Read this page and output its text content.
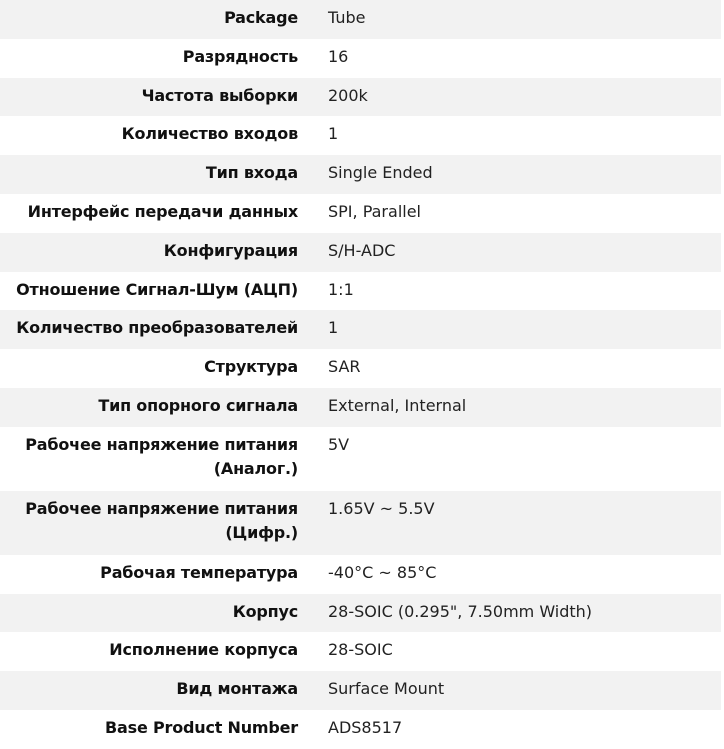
Package	Tube
Разрядность	16
Частота выборки	200k
Количество входов	1
Тип входа	Single Ended
Интерфейс передачи данных	SPI, Parallel
Конфигурация	S/H-ADC
Отношение Сигнал-Шум (АЦП)	1:1
Количество преобразователей	1
Структура	SAR
Тип опорного сигнала	External, Internal
Рабочее напряжение питания (Аналог.)	5V
Рабочее напряжение питания (Цифр.)	1.65V ~ 5.5V
Рабочая температура	-40°C ~ 85°C
Корпус	28-SOIC (0.295", 7.50mm Width)
Исполнение корпуса	28-SOIC
Вид монтажа	Surface Mount
Base Product Number	ADS8517
